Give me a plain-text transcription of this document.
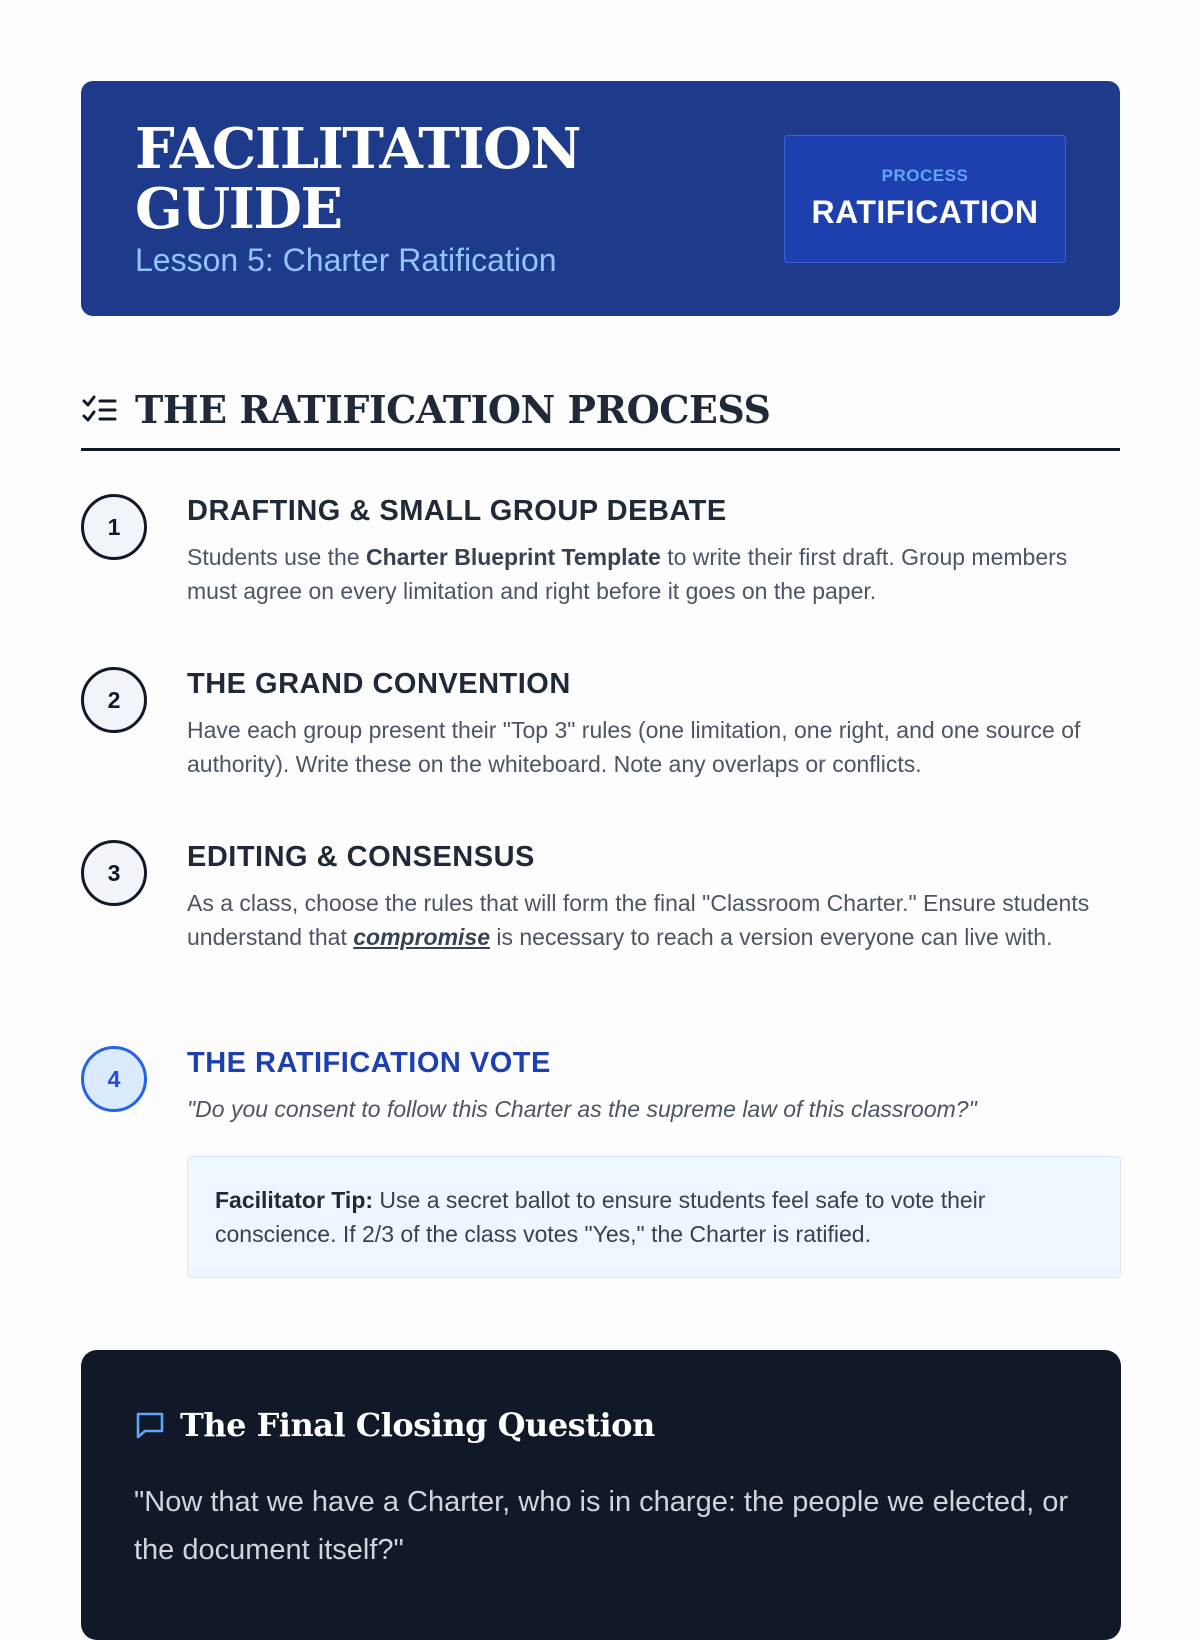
FACILITATION GUIDE
Lesson 5: Charter Ratification
PROCESS
RATIFICATION
THE RATIFICATION PROCESS
1	DRAFTING & SMALL GROUP DEBATE

Students use the Charter Blueprint Template to write their first draft. Group members must agree on every limitation and right before it goes on the paper.

2	THE GRAND CONVENTION

Have each group present their "Top 3" rules (one limitation, one right, and one source of authority). Write these on the whiteboard. Note any overlaps or conflicts.

3	EDITING & CONSENSUS

As a class, choose the rules that will form the final "Classroom Charter." Ensure students understand that compromise is necessary to reach a version everyone can live with.

4	THE RATIFICATION VOTE

"Do you consent to follow this Charter as the supreme law of this classroom?"

Facilitator Tip: Use a secret ballot to ensure students feel safe to vote their conscience. If 2/3 of the class votes "Yes," the Charter is ratified.
The Final Closing Question

"Now that we have a Charter, who is in charge: the people we elected, or the document itself?"
